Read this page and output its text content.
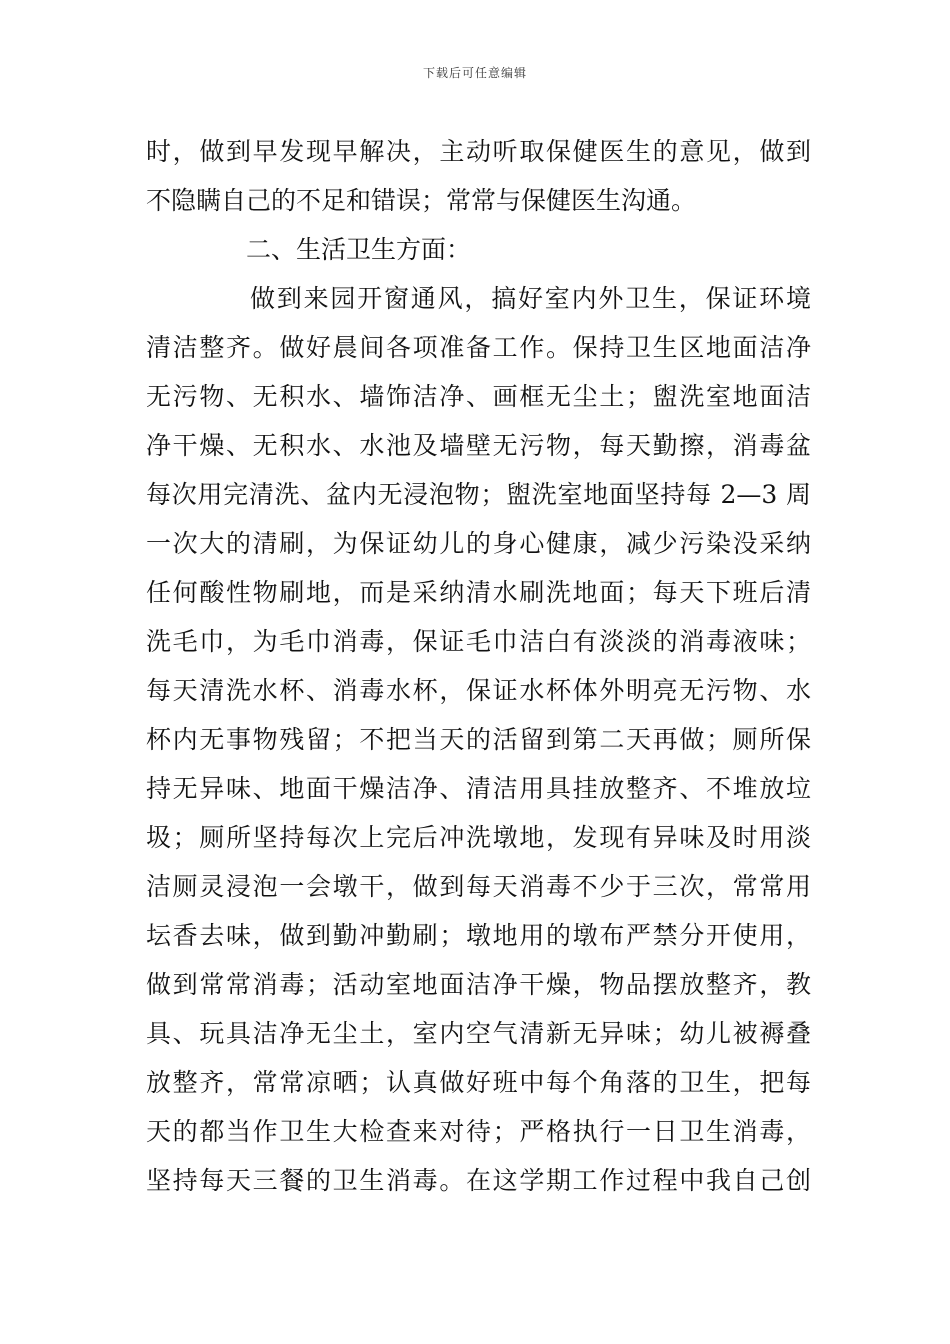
下载后可任意编辑
时，做到早发现早解决，主动听取保健医生的意见，做到
不隐瞒自己的不足和错误；常常与保健医生沟通。
二、生活卫生方面：
做到来园开窗通风，搞好室内外卫生，保证环境
清洁整齐。做好晨间各项准备工作。保持卫生区地面洁净
无污物、无积水、墙饰洁净、画框无尘土；盥洗室地面洁
净干燥、无积水、水池及墙壁无污物，每天勤擦，消毒盆
每次用完清洗、盆内无浸泡物；盥洗室地面坚持每 2—3 周
一次大的清刷，为保证幼儿的身心健康，减少污染没采纳
任何酸性物刷地，而是采纳清水刷洗地面；每天下班后清
洗毛巾，为毛巾消毒，保证毛巾洁白有淡淡的消毒液味；
每天清洗水杯、消毒水杯，保证水杯体外明亮无污物、水
杯内无事物残留；不把当天的活留到第二天再做；厕所保
持无异味、地面干燥洁净、清洁用具挂放整齐、不堆放垃
圾；厕所坚持每次上完后冲洗墩地，发现有异味及时用淡
洁厕灵浸泡一会墩干，做到每天消毒不少于三次，常常用
坛香去味，做到勤冲勤刷；墩地用的墩布严禁分开使用，
做到常常消毒；活动室地面洁净干燥，物品摆放整齐，教
具、玩具洁净无尘土，室内空气清新无异味；幼儿被褥叠
放整齐，常常凉晒；认真做好班中每个角落的卫生，把每
天的都当作卫生大检查来对待；严格执行一日卫生消毒，
坚持每天三餐的卫生消毒。在这学期工作过程中我自己创
